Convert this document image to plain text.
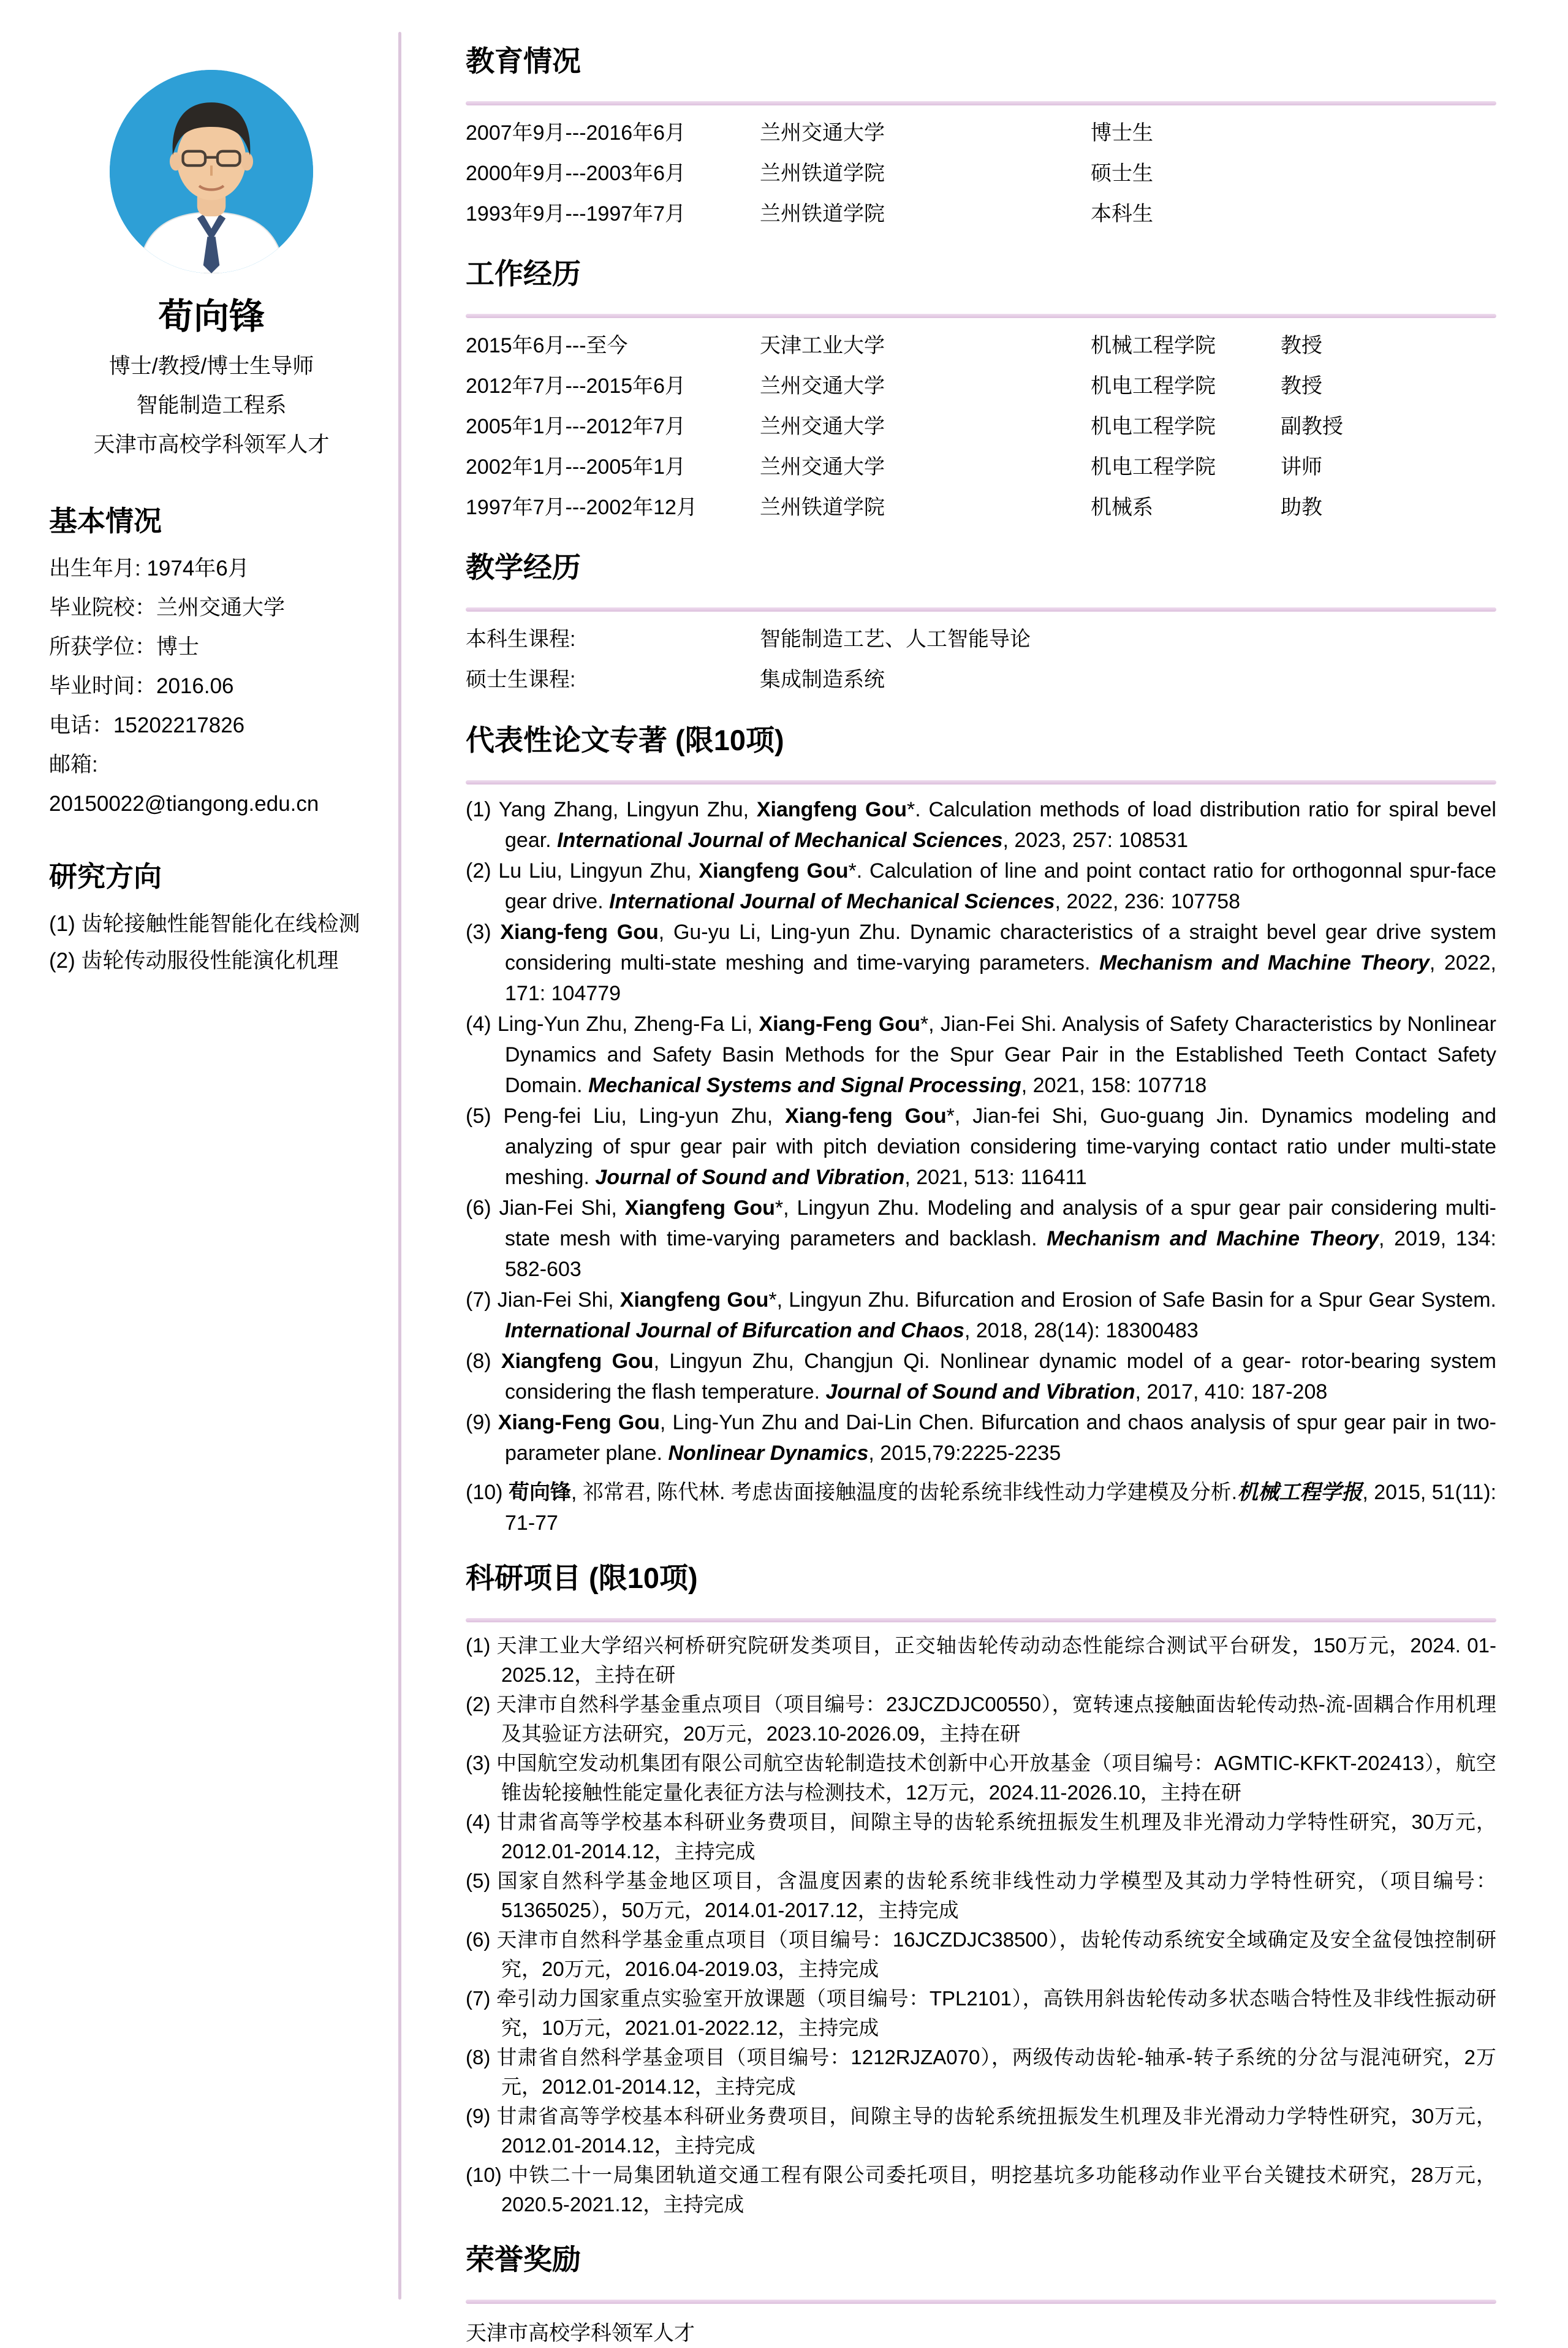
荀向锋
博士/教授/博士生导师
智能制造工程系
天津市高校学科领军人才
基本情况
出生年月: 1974年6月
毕业院校：兰州交通大学
所获学位：博士
毕业时间：2016.06
电话：15202217826
邮箱:
20150022@tiangong.edu.cn
研究方向
(1) 齿轮接触性能智能化在线检测
(2) 齿轮传动服役性能演化机理
教育情况
2007年9月---2016年6月	兰州交通大学	博士生
2000年9月---2003年6月	兰州铁道学院	硕士生
1993年9月---1997年7月	兰州铁道学院	本科生
工作经历
2015年6月---至今	天津工业大学	机械工程学院	教授
2012年7月---2015年6月	兰州交通大学	机电工程学院	教授
2005年1月---2012年7月	兰州交通大学	机电工程学院	副教授
2002年1月---2005年1月	兰州交通大学	机电工程学院	讲师
1997年7月---2002年12月	兰州铁道学院	机械系	助教
教学经历
本科生课程:	智能制造工艺、人工智能导论
硕士生课程:	集成制造系统
代表性论文专著 (限10项)
(1) Yang Zhang, Lingyun Zhu, Xiangfeng Gou*. Calculation methods of load distribution ratio for spiral bevel gear. International Journal of Mechanical Sciences, 2023, 257: 108531
(2) Lu Liu, Lingyun Zhu, Xiangfeng Gou*. Calculation of line and point contact ratio for orthogonnal spur-face gear drive. International Journal of Mechanical Sciences, 2022, 236: 107758
(3) Xiang-feng Gou, Gu-yu Li, Ling-yun Zhu. Dynamic characteristics of a straight bevel gear drive system considering multi-state meshing and time-varying parameters. Mechanism and Machine Theory, 2022, 171: 104779
(4) Ling-Yun Zhu, Zheng-Fa Li, Xiang-Feng Gou*, Jian-Fei Shi. Analysis of Safety Characteristics by Nonlinear Dynamics and Safety Basin Methods for the Spur Gear Pair in the Established Teeth Contact Safety Domain. Mechanical Systems and Signal Processing, 2021, 158: 107718
(5) Peng-fei Liu, Ling-yun Zhu, Xiang-feng Gou*, Jian-fei Shi, Guo-guang Jin. Dynamics modeling and analyzing of spur gear pair with pitch deviation considering time-varying contact ratio under multi-state meshing. Journal of Sound and Vibration, 2021, 513: 116411
(6) Jian-Fei Shi, Xiangfeng Gou*, Lingyun Zhu. Modeling and analysis of a spur gear pair considering multi-state mesh with time-varying parameters and backlash. Mechanism and Machine Theory, 2019, 134: 582-603
(7) Jian-Fei Shi, Xiangfeng Gou*, Lingyun Zhu. Bifurcation and Erosion of Safe Basin for a Spur Gear System. International Journal of Bifurcation and Chaos, 2018, 28(14): 18300483
(8) Xiangfeng Gou, Lingyun Zhu, Changjun Qi. Nonlinear dynamic model of a gear- rotor-bearing system considering the flash temperature. Journal of Sound and Vibration, 2017, 410: 187-208
(9) Xiang-Feng Gou, Ling-Yun Zhu and Dai-Lin Chen. Bifurcation and chaos analysis of spur gear pair in two- parameter plane. Nonlinear Dynamics, 2015,79:2225-2235
(10) 荀向锋, 祁常君, 陈代林. 考虑齿面接触温度的齿轮系统非线性动力学建模及分析.机械工程学报, 2015, 51(11): 71-77
科研项目 (限10项)
(1) 天津工业大学绍兴柯桥研究院研发类项目，正交轴齿轮传动动态性能综合测试平台研发，150万元，2024. 01-2025.12，主持在研
(2) 天津市自然科学基金重点项目（项目编号：23JCZDJC00550），宽转速点接触面齿轮传动热-流-固耦合作用机理及其验证方法研究，20万元，2023.10-2026.09，主持在研
(3) 中国航空发动机集团有限公司航空齿轮制造技术创新中心开放基金（项目编号：AGMTIC-KFKT-202413），航空锥齿轮接触性能定量化表征方法与检测技术，12万元，2024.11-2026.10，主持在研
(4) 甘肃省高等学校基本科研业务费项目，间隙主导的齿轮系统扭振发生机理及非光滑动力学特性研究，30万元，2012.01-2014.12，主持完成
(5) 国家自然科学基金地区项目，含温度因素的齿轮系统非线性动力学模型及其动力学特性研究，（项目编号：51365025），50万元，2014.01-2017.12，主持完成
(6) 天津市自然科学基金重点项目（项目编号：16JCZDJC38500），齿轮传动系统安全域确定及安全盆侵蚀控制研究，20万元，2016.04-2019.03，主持完成
(7) 牵引动力国家重点实验室开放课题（项目编号：TPL2101），高铁用斜齿轮传动多状态啮合特性及非线性振动研究，10万元，2021.01-2022.12，主持完成
(8) 甘肃省自然科学基金项目（项目编号：1212RJZA070），两级传动齿轮-轴承-转子系统的分岔与混沌研究，2万元，2012.01-2014.12，主持完成
(9) 甘肃省高等学校基本科研业务费项目，间隙主导的齿轮系统扭振发生机理及非光滑动力学特性研究，30万元，2012.01-2014.12，主持完成
(10) 中铁二十一局集团轨道交通工程有限公司委托项目，明挖基坑多功能移动作业平台关键技术研究，28万元，2020.5-2021.12，主持完成
荣誉奖励
天津市高校学科领军人才
